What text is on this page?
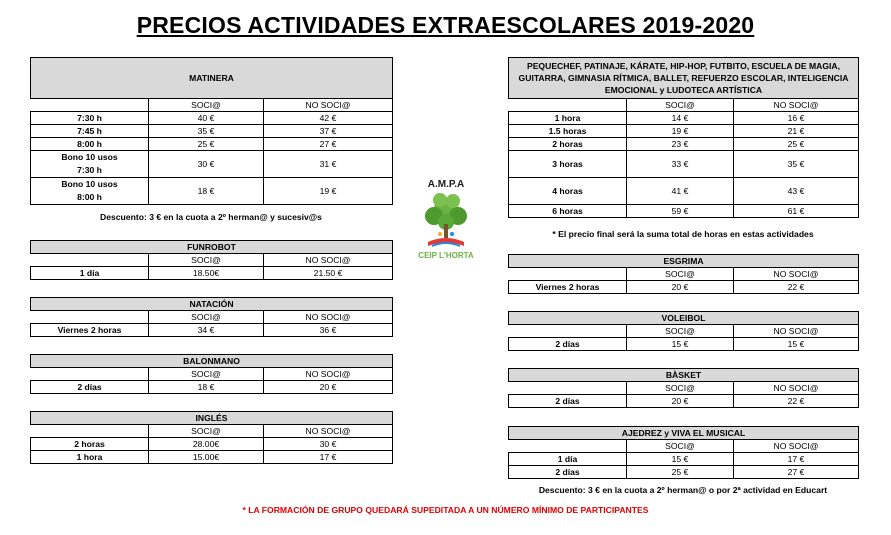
PRECIOS ACTIVIDADES EXTRAESCOLARES 2019-2020
MATINERA		
	SOCI@	NO SOCI@
7:30 h	40 €	42 €
7:45 h	35 €	37 €
8:00 h	25 €	27 €
Bono 10 usos
7:30 h	30 €	31 €
Bono 10 usos
8:00 h	18 €	19 €
Descuento: 3 € en la cuota a 2º herman@ y sucesiv@s
FUNROBOT		
	SOCI@	NO SOCI@
1 día	18.50€	21.50 €
NATACIÓN		
	SOCI@	NO SOCI@
Viernes 2 horas	34 €	36 €
BALONMANO		
	SOCI@	NO SOCI@
2 días	18 €	20 €
INGLÉS		
	SOCI@	NO SOCI@
2 horas	28.00€	30 €
1 hora	15.00€	17 €
A.M.P.A
CEIP L'HORTA
PEQUECHEF, PATINAJE, KÁRATE, HIP-HOP, FUTBITO, ESCUELA DE MAGIA, GUITARRA, GIMNASIA RÍTMICA, BALLET, REFUERZO ESCOLAR, INTELIGENCIA EMOCIONAL y LUDOTECA ARTÍSTICA		
	SOCI@	NO SOCI@
1 hora	14 €	16 €
1.5 horas	19 €	21 €
2 horas	23 €	25 €
3 horas	33 €	35 €
4 horas	41 €	43 €
6 horas	59 €	61 €
* El precio final será la suma total de horas en estas actividades
ESGRIMA		
	SOCI@	NO SOCI@
Viernes 2 horas	20 €	22 €
VOLEIBOL		
	SOCI@	NO SOCI@
2 días	15 €	15 €
BÀSKET		
	SOCI@	NO SOCI@
2 días	20 €	22 €
AJEDREZ y VIVA EL MUSICAL		
	SOCI@	NO SOCI@
1 día	15 €	17 €
2 días	25 €	27 €
Descuento: 3 € en la cuota a 2º herman@ o por 2ª actividad en Educart
* LA FORMACIÓN DE GRUPO QUEDARÁ SUPEDITADA A UN NÚMERO MÍNIMO DE PARTICIPANTES
